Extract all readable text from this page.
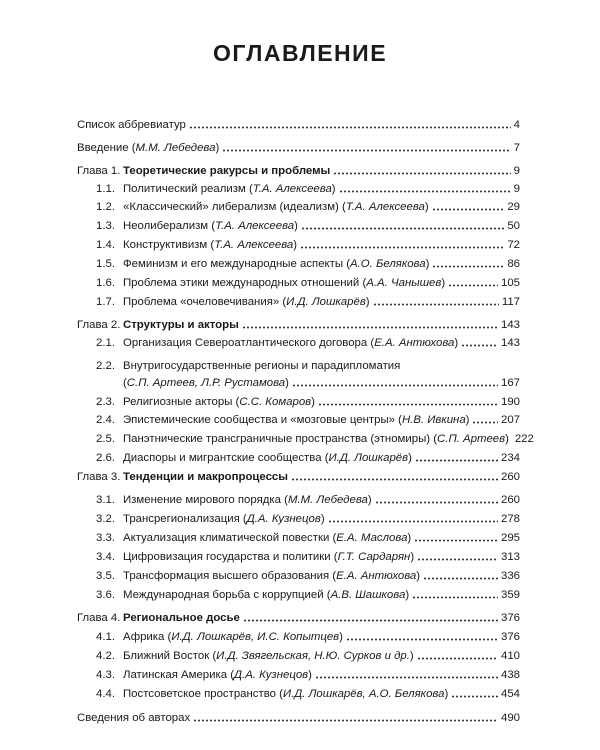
ОГЛАВЛЕНИЕ
Список аббревиатур	4
Введение (М.М. Лебедева)	7
Глава 1. Теоретические ракурсы и проблемы	9
1.1. Политический реализм (Т.А. Алексеева)	9
1.2. «Классический» либерализм (идеализм) (Т.А. Алексеева)	29
1.3. Неолиберализм (Т.А. Алексеева)	50
1.4. Конструктивизм (Т.А. Алексеева)	72
1.5. Феминизм и его международные аспекты (А.О. Белякова)	86
1.6. Проблема этики международных отношений (А.А. Чанышев)	105
1.7. Проблема «очеловечивания» (И.Д. Лошкарёв)	117
Глава 2. Структуры и акторы	143
2.1. Организация Североатлантического договора (Е.А. Антюхова)	143
2.2. Внутригосударственные регионы и парадипломатия
(С.П. Артеев, Л.Р. Рустамова)	167
2.3. Религиозные акторы (С.С. Комаров)	190
2.4. Эпистемические сообщества и «мозговые центры» (Н.В. Ивкина)	207
2.5. Панэтнические трансграничные пространства (этномиры) (С.П. Артеев) 222
2.6. Диаспоры и мигрантские сообщества (И.Д. Лошкарёв)	234
Глава 3. Тенденции и макропроцессы	260
3.1. Изменение мирового порядка (М.М. Лебедева)	260
3.2. Трансрегионализация (Д.А. Кузнецов)	278
3.3. Актуализация климатической повестки (Е.А. Маслова)	295
3.4. Цифровизация государства и политики (Г.Т. Сардарян)	313
3.5. Трансформация высшего образования (Е.А. Антюхова)	336
3.6. Международная борьба с коррупцией (А.В. Шашкова)	359
Глава 4. Региональное досье	376
4.1. Африка (И.Д. Лошкарёв, И.С. Копытцев)	376
4.2. Ближний Восток (И.Д. Звягельская, Н.Ю. Сурков и др.)	410
4.3. Латинская Америка (Д.А. Кузнецов)	438
4.4. Постсоветское пространство (И.Д. Лошкарёв, А.О. Белякова)	454
Сведения об авторах	490
